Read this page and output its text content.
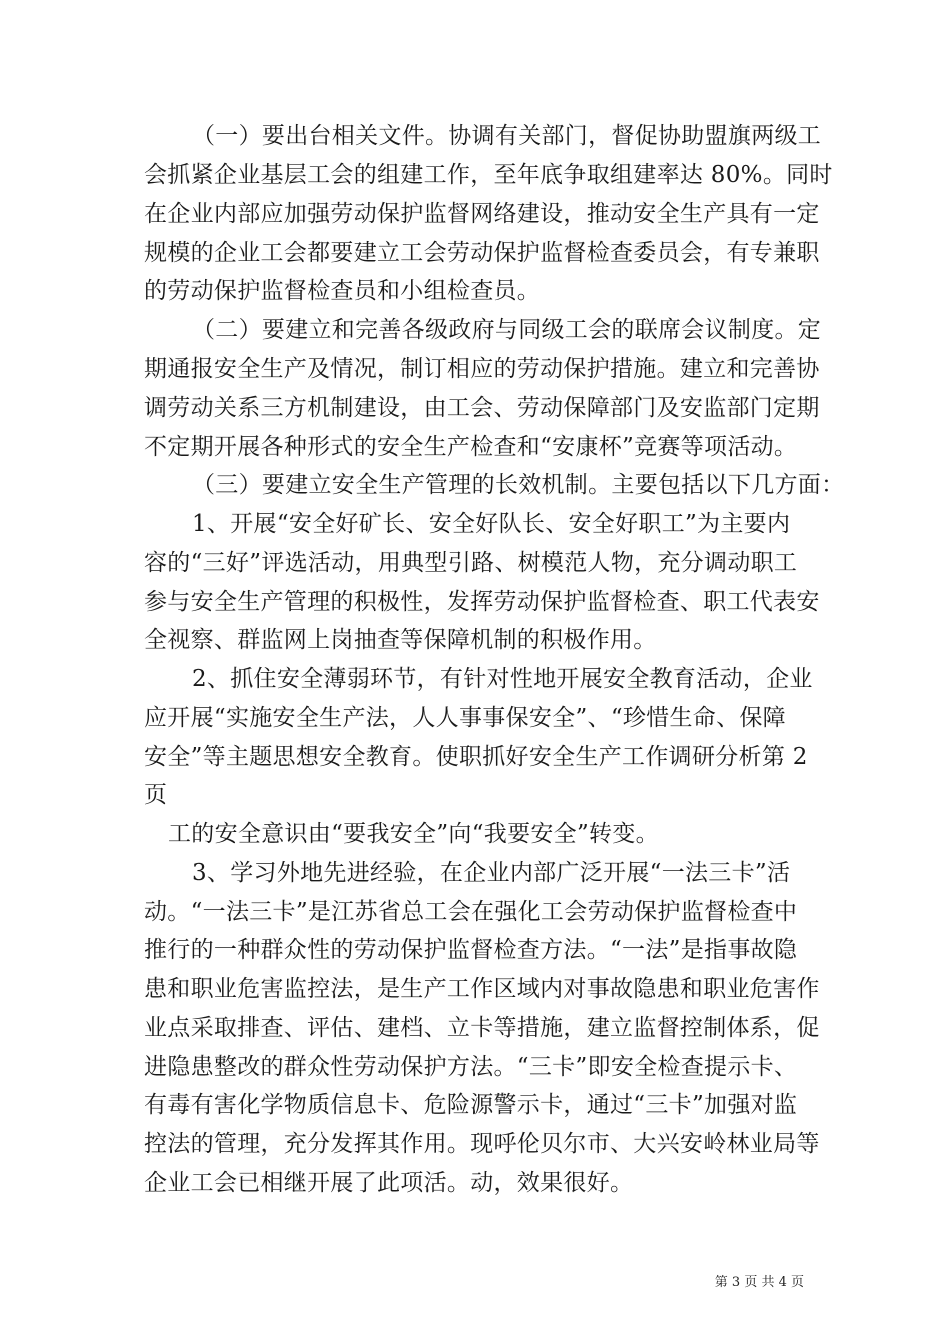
（一）要出台相关文件。协调有关部门，督促协助盟旗两级工
会抓紧企业基层工会的组建工作，至年底争取组建率达 80%。同时
在企业内部应加强劳动保护监督网络建设，推动安全生产具有一定
规模的企业工会都要建立工会劳动保护监督检查委员会，有专兼职
的劳动保护监督检查员和小组检查员。
（二）要建立和完善各级政府与同级工会的联席会议制度。定
期通报安全生产及情况，制订相应的劳动保护措施。建立和完善协
调劳动关系三方机制建设，由工会、劳动保障部门及安监部门定期
不定期开展各种形式的安全生产检查和“安康杯”竞赛等项活动。
（三）要建立安全生产管理的长效机制。主要包括以下几方面：
1、开展“安全好矿长、安全好队长、安全好职工”为主要内
容的“三好”评选活动，用典型引路、树模范人物，充分调动职工
参与安全生产管理的积极性，发挥劳动保护监督检查、职工代表安
全视察、群监网上岗抽查等保障机制的积极作用。
2、抓住安全薄弱环节，有针对性地开展安全教育活动，企业
应开展“实施安全生产法，人人事事保安全”、“珍惜生命、保障
安全”等主题思想安全教育。使职抓好安全生产工作调研分析第 2
页
工的安全意识由“要我安全”向“我要安全”转变。
3、学习外地先进经验，在企业内部广泛开展“一法三卡”活
动。“一法三卡”是江苏省总工会在强化工会劳动保护监督检查中
推行的一种群众性的劳动保护监督检查方法。“一法”是指事故隐
患和职业危害监控法，是生产工作区域内对事故隐患和职业危害作
业点采取排查、评估、建档、立卡等措施，建立监督控制体系，促
进隐患整改的群众性劳动保护方法。“三卡”即安全检查提示卡、
有毒有害化学物质信息卡、危险源警示卡，通过“三卡”加强对监
控法的管理，充分发挥其作用。现呼伦贝尔市、大兴安岭林业局等
企业工会已相继开展了此项活。动，效果很好。
第 3 页 共 4 页
